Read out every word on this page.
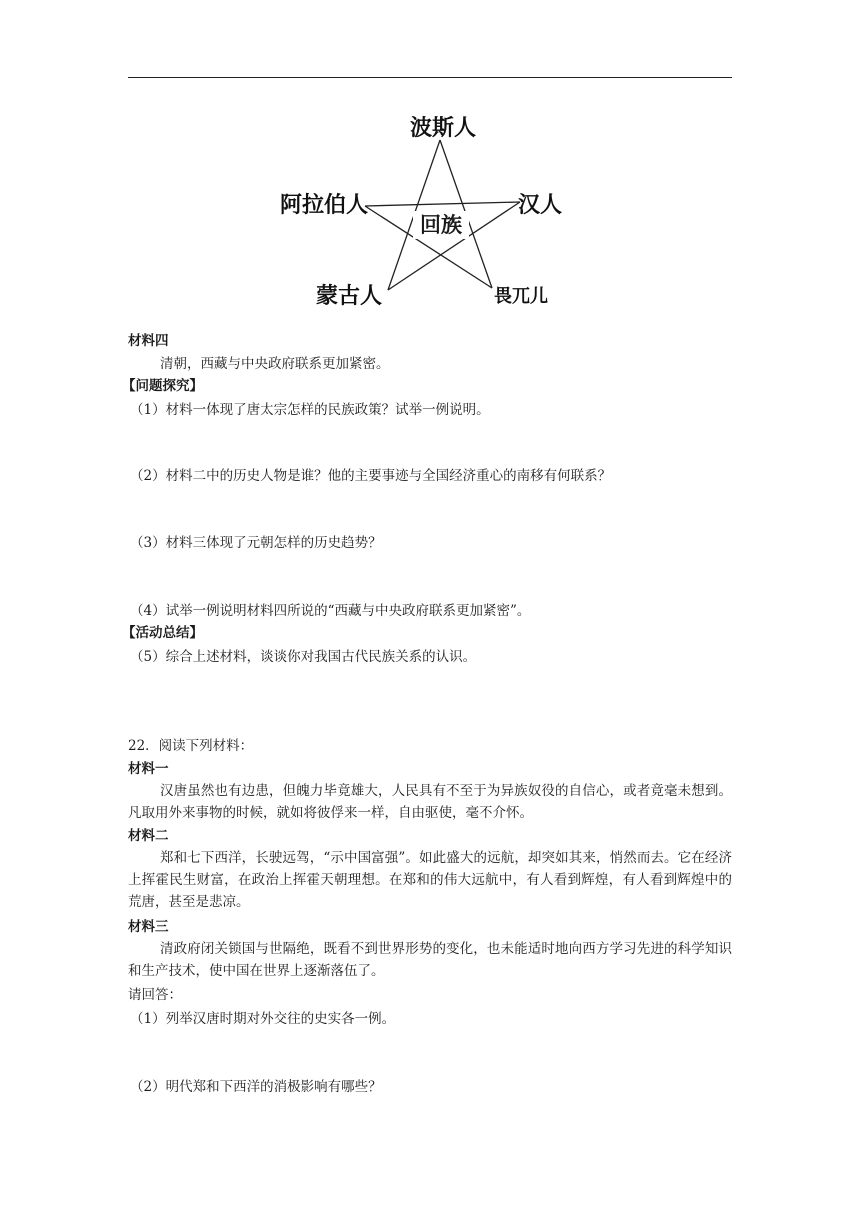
波斯人
阿拉伯人	汉人
蒙古人	畏兀儿
回族
材料四
清朝，西藏与中央政府联系更加紧密。
【问题探究】
（1）材料一体现了唐太宗怎样的民族政策？试举一例说明。
（2）材料二中的历史人物是谁？他的主要事迹与全国经济重心的南移有何联系？
（3）材料三体现了元朝怎样的历史趋势？
（4）试举一例说明材料四所说的“西藏与中央政府联系更加紧密”。
【活动总结】
（5）综合上述材料，谈谈你对我国古代民族关系的认识。
22．阅读下列材料：
材料一

汉唐虽然也有边患，但魄力毕竟雄大，人民具有不至于为异族奴役的自信心，或者竟毫未想到。凡取用外来事物的时候，就如将彼俘来一样，自由驱使，毫不介怀。

材料二

郑和七下西洋，长驶远驾，“示中国富强”。如此盛大的远航，却突如其来，悄然而去。它在经济上挥霍民生财富，在政治上挥霍天朝理想。在郑和的伟大远航中，有人看到辉煌，有人看到辉煌中的荒唐，甚至是悲凉。

材料三

清政府闭关锁国与世隔绝，既看不到世界形势的变化，也未能适时地向西方学习先进的科学知识和生产技术，使中国在世界上逐渐落伍了。

请回答：
（1）列举汉唐时期对外交往的史实各一例。
（2）明代郑和下西洋的消极影响有哪些？
